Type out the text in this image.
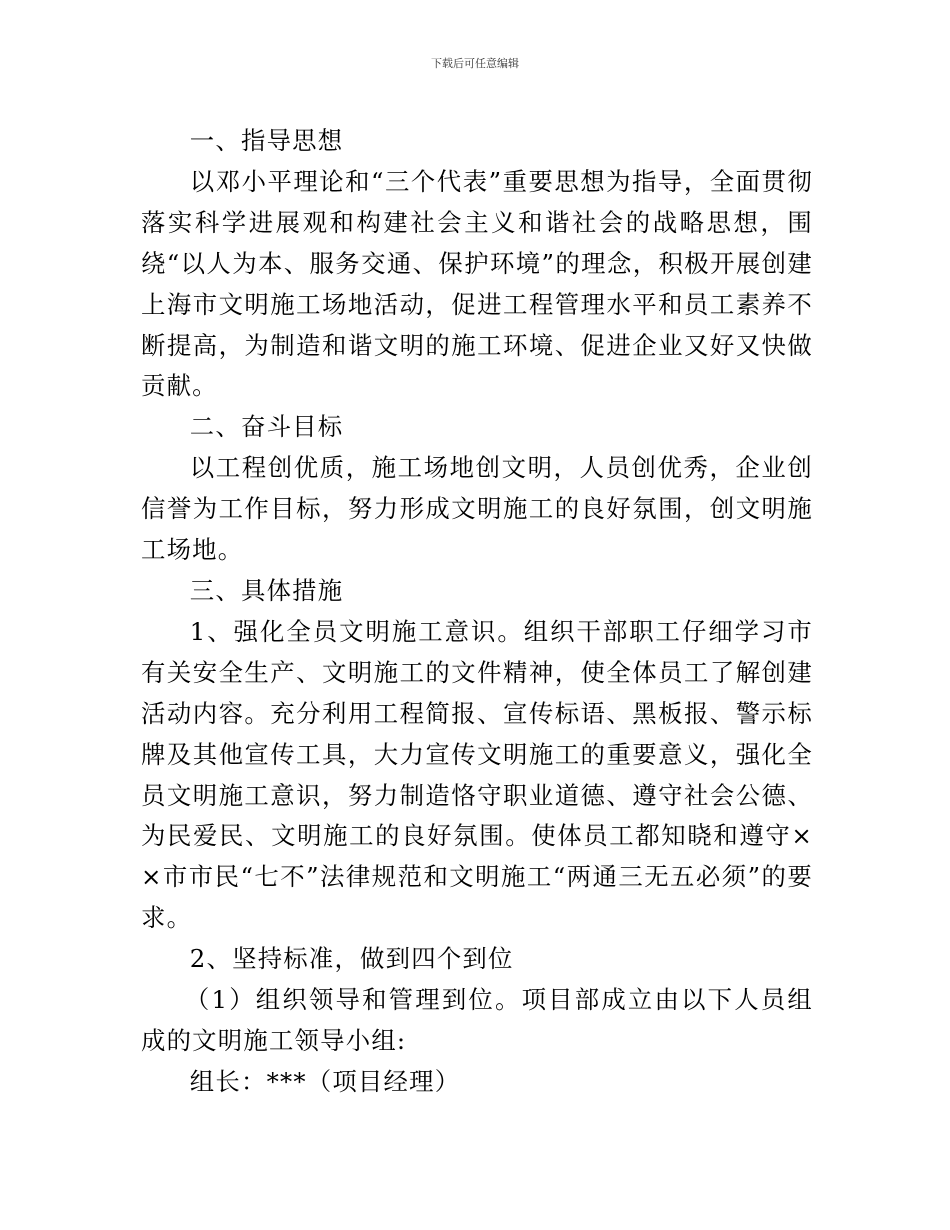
下载后可任意编辑

一、指导思想

以邓小平理论和“三个代表”重要思想为指导，全面贯彻落实科学进展观和构建社会主义和谐社会的战略思想，围绕“以人为本、服务交通、保护环境”的理念，积极开展创建上海市文明施工场地活动，促进工程管理水平和员工素养不断提高，为制造和谐文明的施工环境、促进企业又好又快做贡献。

二、奋斗目标

以工程创优质，施工场地创文明，人员创优秀，企业创信誉为工作目标，努力形成文明施工的良好氛围，创文明施工场地。

三、具体措施

1、强化全员文明施工意识。组织干部职工仔细学习市有关安全生产、文明施工的文件精神，使全体员工了解创建活动内容。充分利用工程简报、宣传标语、黑板报、警示标牌及其他宣传工具，大力宣传文明施工的重要意义，强化全员文明施工意识，努力制造恪守职业道德、遵守社会公德、为民爱民、文明施工的良好氛围。使体员工都知晓和遵守××市市民“七不”法律规范和文明施工“两通三无五必须”的要求。

2、坚持标准，做到四个到位

（1）组织领导和管理到位。项目部成立由以下人员组成的文明施工领导小组:

组长：***（项目经理）
